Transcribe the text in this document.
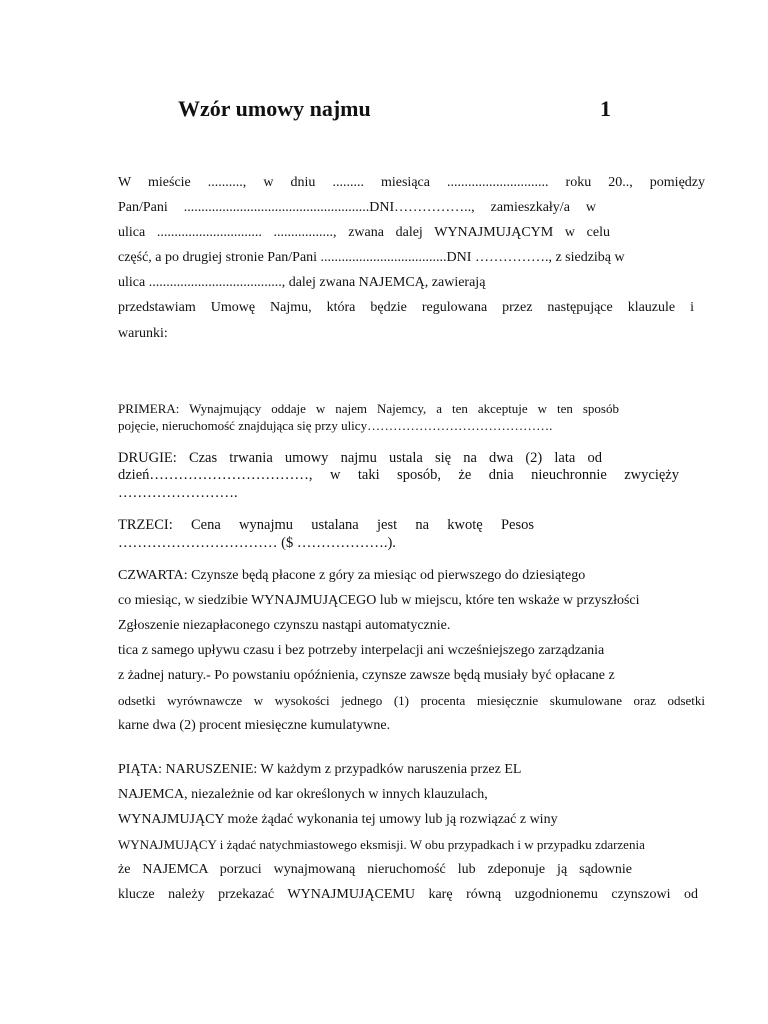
Wzór umowy najmu	1
W mieście .........., w dniu ......... miesiąca ............................. roku 20.., pomiędzy
Pan/Pani .....................................................DNI…………….., zamieszkały/a w
ulica .............................. ................., zwana dalej WYNAJMUJĄCYM w celu
część, a po drugiej stronie Pan/Pani ....................................DNI ……………., z siedzibą w
ulica ......................................, dalej zwana NAJEMCĄ, zawierają
przedstawiam Umowę Najmu, która będzie regulowana przez następujące klauzule i
warunki:
PRIMERA: Wynajmujący oddaje w najem Najemcy, a ten akceptuje w ten sposób
pojęcie, nieruchomość znajdująca się przy ulicy…………………………………….
DRUGIE: Czas trwania umowy najmu ustala się na dwa (2) lata od
dzień……………………………, w taki sposób, że dnia nieuchronnie zwycięży
…………………….
TRZECI: Cena wynajmu ustalana jest na kwotę Pesos
…………………………… ($ ……………….).
CZWARTA: Czynsze będą płacone z góry za miesiąc od pierwszego do dziesiątego
co miesiąc, w siedzibie WYNAJMUJĄCEGO lub w miejscu, które ten wskaże w przyszłości
Zgłoszenie niezapłaconego czynszu nastąpi automatycznie.
tica z samego upływu czasu i bez potrzeby interpelacji ani wcześniejszego zarządzania
z żadnej natury.- Po powstaniu opóźnienia, czynsze zawsze będą musiały być opłacane z
odsetki wyrównawcze w wysokości jednego (1) procenta miesięcznie skumulowane oraz odsetki
karne dwa (2) procent miesięczne kumulatywne.
PIĄTA: NARUSZENIE: W każdym z przypadków naruszenia przez EL
NAJEMCA, niezależnie od kar określonych w innych klauzulach,
WYNAJMUJĄCY może żądać wykonania tej umowy lub ją rozwiązać z winy
WYNAJMUJĄCY i żądać natychmiastowego eksmisji. W obu przypadkach i w przypadku zdarzenia
że NAJEMCA porzuci wynajmowaną nieruchomość lub zdeponuje ją sądownie
klucze należy przekazać WYNAJMUJĄCEMU karę równą uzgodnionemu czynszowi od
